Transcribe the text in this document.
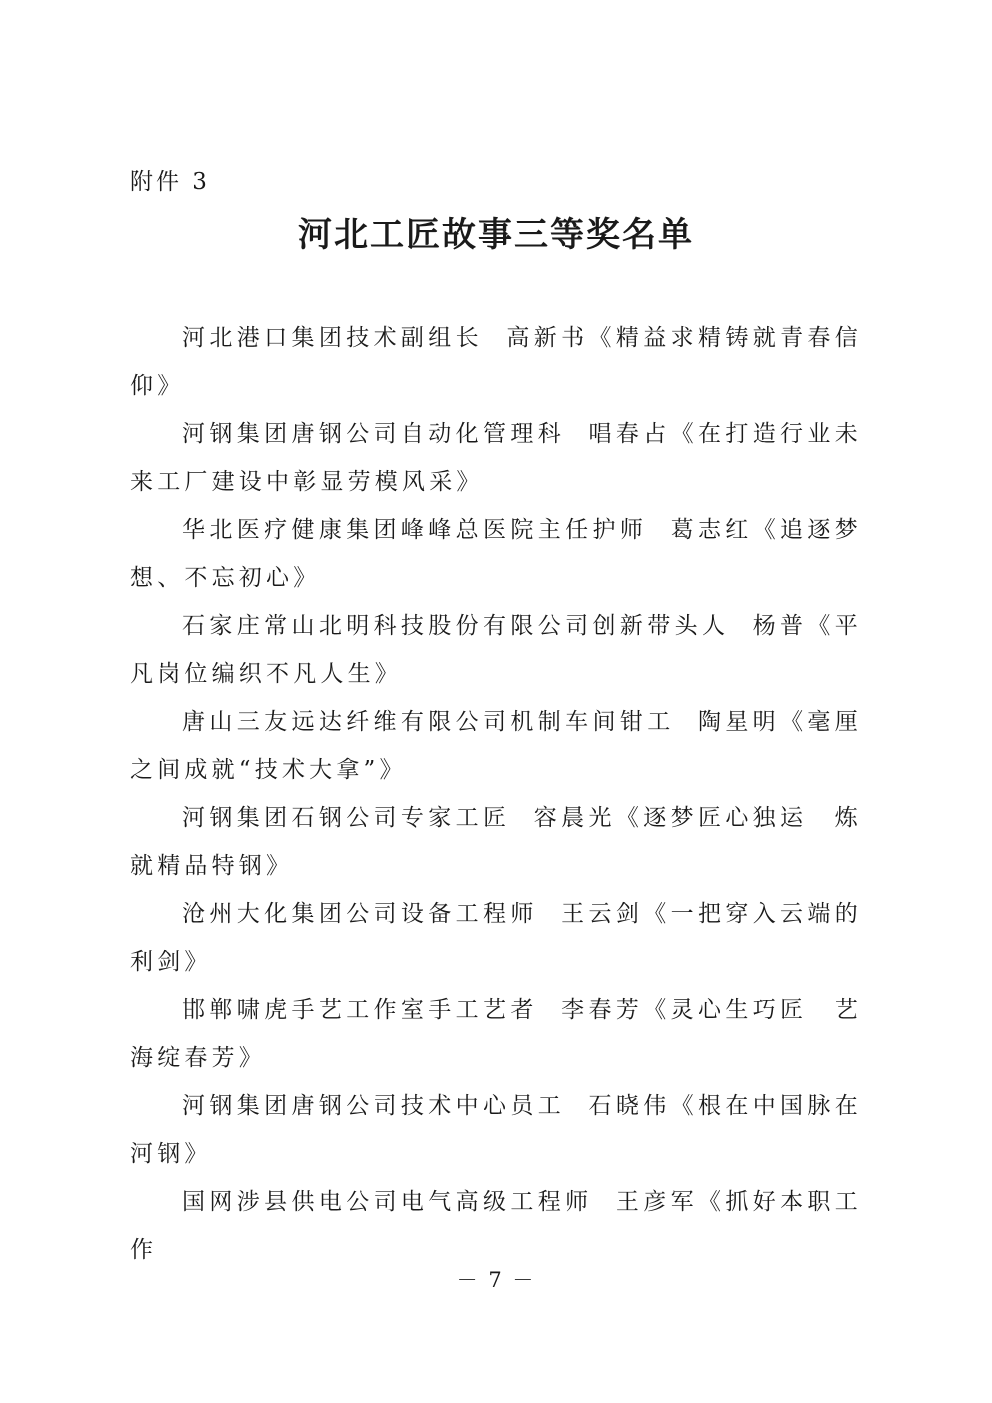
附件 3
河北工匠故事三等奖名单

河北港口集团技术副组长 高新书《精益求精铸就青春信仰》

河钢集团唐钢公司自动化管理科 唱春占《在打造行业未来工厂建设中彰显劳模风采》

华北医疗健康集团峰峰总医院主任护师 葛志红《追逐梦想、不忘初心》

石家庄常山北明科技股份有限公司创新带头人 杨普《平凡岗位编织不凡人生》

唐山三友远达纤维有限公司机制车间钳工 陶星明《毫厘之间成就“技术大拿”》

河钢集团石钢公司专家工匠 容晨光《逐梦匠心独运　炼就精品特钢》

沧州大化集团公司设备工程师 王云剑《一把穿入云端的利剑》

邯郸啸虎手艺工作室手工艺者 李春芳《灵心生巧匠　艺海绽春芳》

河钢集团唐钢公司技术中心员工 石晓伟《根在中国脉在河钢》

国网涉县供电公司电气高级工程师 王彦军《抓好本职工作

－ 7 －
